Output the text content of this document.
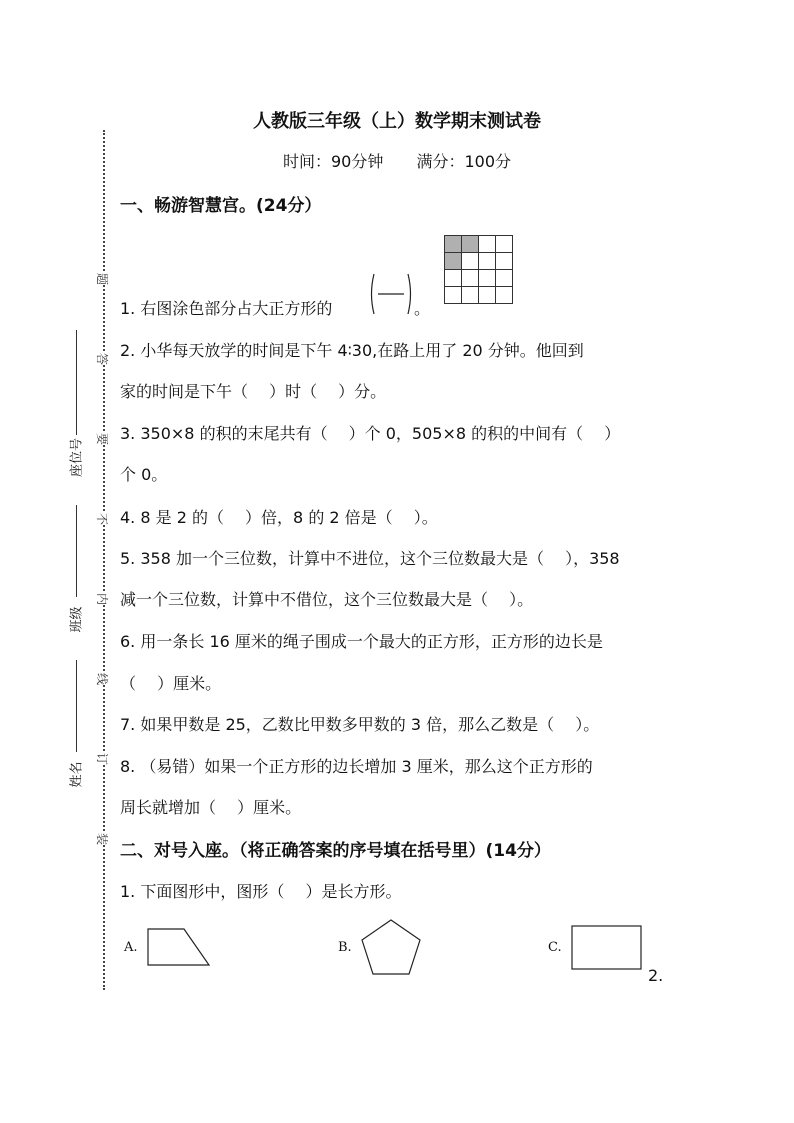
人教版三年级（上）数学期末测试卷
时间：90分钟 满分：100分
题
答
要
不
内
线
订
装
座位号
班级
姓名
一、畅游智慧宫。(24分）

1. 右图涂色部分占大正方形的	。
2. 小华每天放学的时间是下午 4∶30,在路上用了 20 分钟。他回到
家的时间是下午（　 ）时（　 ）分。
3. 350×8 的积的末尾共有（　 ）个 0，505×8 的积的中间有（　 ）
个 0。
4. 8 是 2 的（　 ）倍，8 的 2 倍是（　 ）。
5. 358 加一个三位数，计算中不进位，这个三位数最大是（　 ），358
减一个三位数，计算中不借位，这个三位数最大是（　 ）。
6. 用一条长 16 厘米的绳子围成一个最大的正方形，正方形的边长是
（　 ）厘米。
7. 如果甲数是 25，乙数比甲数多甲数的 3 倍，那么乙数是（　 ）。
8. （易错）如果一个正方形的边长增加 3 厘米，那么这个正方形的
周长就增加（　 ）厘米。
二、对号入座。（将正确答案的序号填在括号里）(14分）
1. 下面图形中，图形（　 ）是长方形。
A.	B.	C.
2.
